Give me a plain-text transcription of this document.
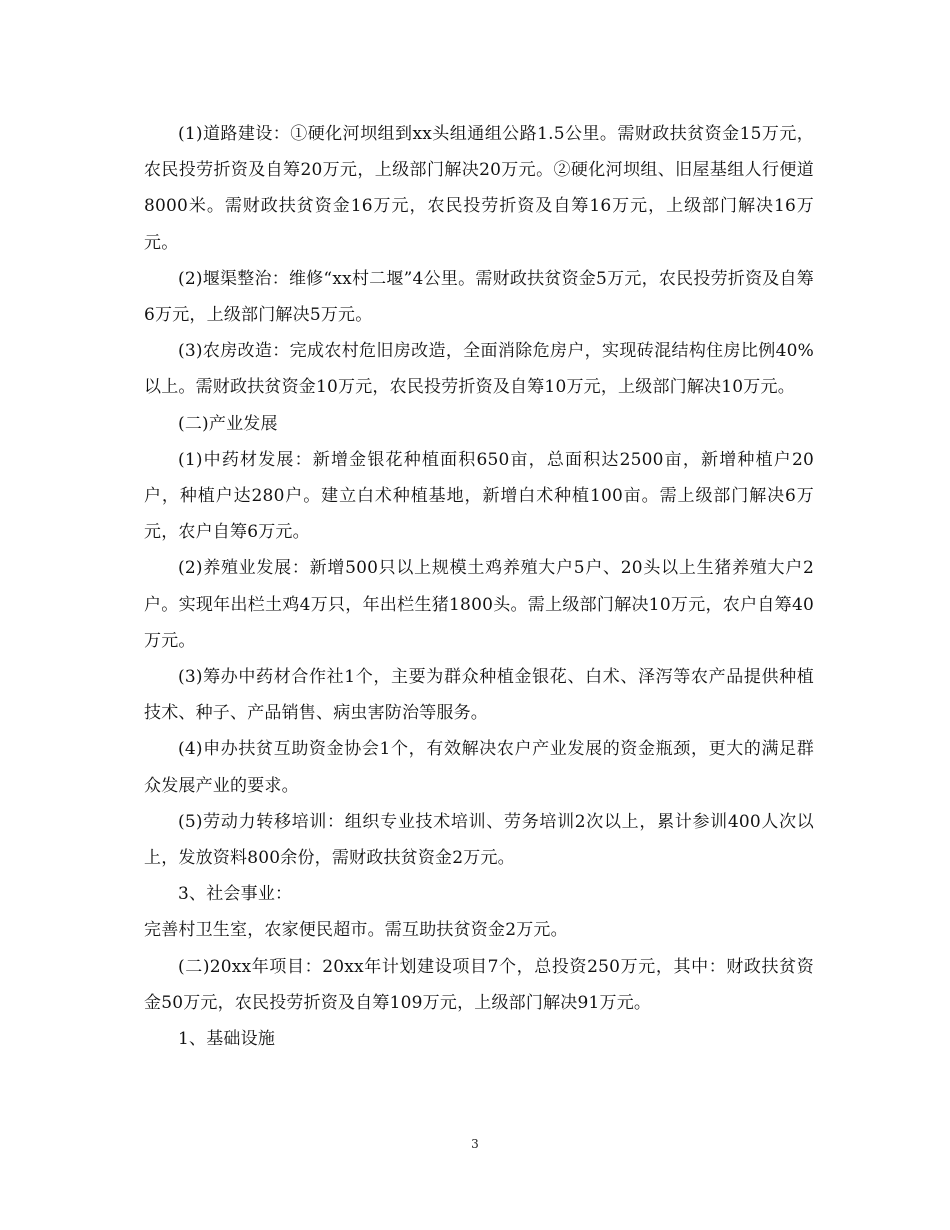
(1)道路建设：①硬化河坝组到xx头组通组公路1.5公里。需财政扶贫资金15万元，农民投劳折资及自筹20万元，上级部门解决20万元。②硬化河坝组、旧屋基组人行便道8000米。需财政扶贫资金16万元，农民投劳折资及自筹16万元，上级部门解决16万元。

(2)堰渠整治：维修“xx村二堰”4公里。需财政扶贫资金5万元，农民投劳折资及自筹6万元，上级部门解决5万元。

(3)农房改造：完成农村危旧房改造，全面消除危房户，实现砖混结构住房比例40%以上。需财政扶贫资金10万元，农民投劳折资及自筹10万元，上级部门解决10万元。

(二)产业发展

(1)中药材发展：新增金银花种植面积650亩，总面积达2500亩，新增种植户20户，种植户达280户。建立白术种植基地，新增白术种植100亩。需上级部门解决6万元，农户自筹6万元。

(2)养殖业发展：新增500只以上规模土鸡养殖大户5户、20头以上生猪养殖大户2户。实现年出栏土鸡4万只，年出栏生猪1800头。需上级部门解决10万元，农户自筹40万元。

(3)筹办中药材合作社1个，主要为群众种植金银花、白术、泽泻等农产品提供种植技术、种子、产品销售、病虫害防治等服务。

(4)申办扶贫互助资金协会1个，有效解决农户产业发展的资金瓶颈，更大的满足群众发展产业的要求。

(5)劳动力转移培训：组织专业技术培训、劳务培训2次以上，累计参训400人次以上，发放资料800余份，需财政扶贫资金2万元。

3、社会事业：

完善村卫生室，农家便民超市。需互助扶贫资金2万元。

(二)20xx年项目：20xx年计划建设项目7个，总投资250万元，其中：财政扶贫资金50万元，农民投劳折资及自筹109万元，上级部门解决91万元。

1、基础设施

3
